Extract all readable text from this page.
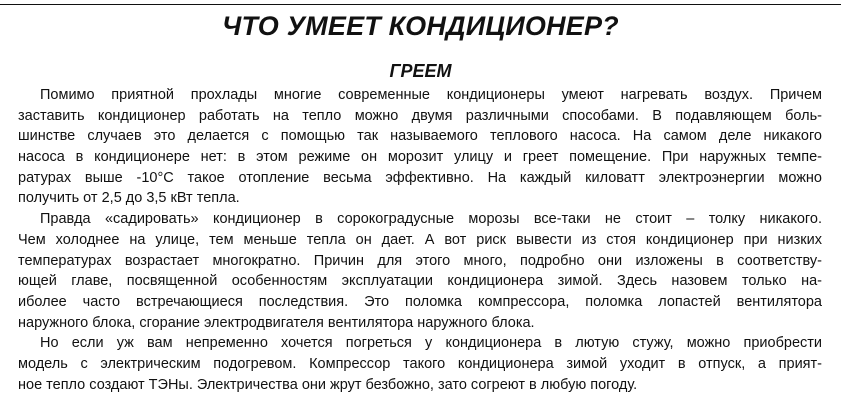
ЧТО УМЕЕТ КОНДИЦИОНЕР?
ГРЕЕМ
Помимо приятной прохлады многие современные кондиционеры умеют нагревать воздух. Причем
заставить кондиционер работать на тепло можно двумя различными способами. В подавляющем боль-
шинстве случаев это делается с помощью так называемого теплового насоса. На самом деле никакого
насоса в кондиционере нет: в этом режиме он морозит улицу и греет помещение. При наружных темпе-
ратурах выше -10°С такое отопление весьма эффективно. На каждый киловатт электроэнергии можно
получить от 2,5 до 3,5 кВт тепла.
Правда «садировать» кондиционер в сорокоградусные морозы все-таки не стоит – толку никакого.
Чем холоднее на улице, тем меньше тепла он дает. А вот риск вывести из стоя кондиционер при низких
температурах возрастает многократно. Причин для этого много, подробно они изложены в соответству-
ющей главе, посвященной особенностям эксплуатации кондиционера зимой. Здесь назовем только на-
иболее часто встречающиеся последствия. Это поломка компрессора, поломка лопастей вентилятора
наружного блока, сгорание электродвигателя вентилятора наружного блока.
Но если уж вам непременно хочется погреться у кондиционера в лютую стужу, можно приобрести
модель с электрическим подогревом. Компрессор такого кондиционера зимой уходит в отпуск, а прият-
ное тепло создают ТЭНы. Электричества они жрут безбожно, зато согреют в любую погоду.
